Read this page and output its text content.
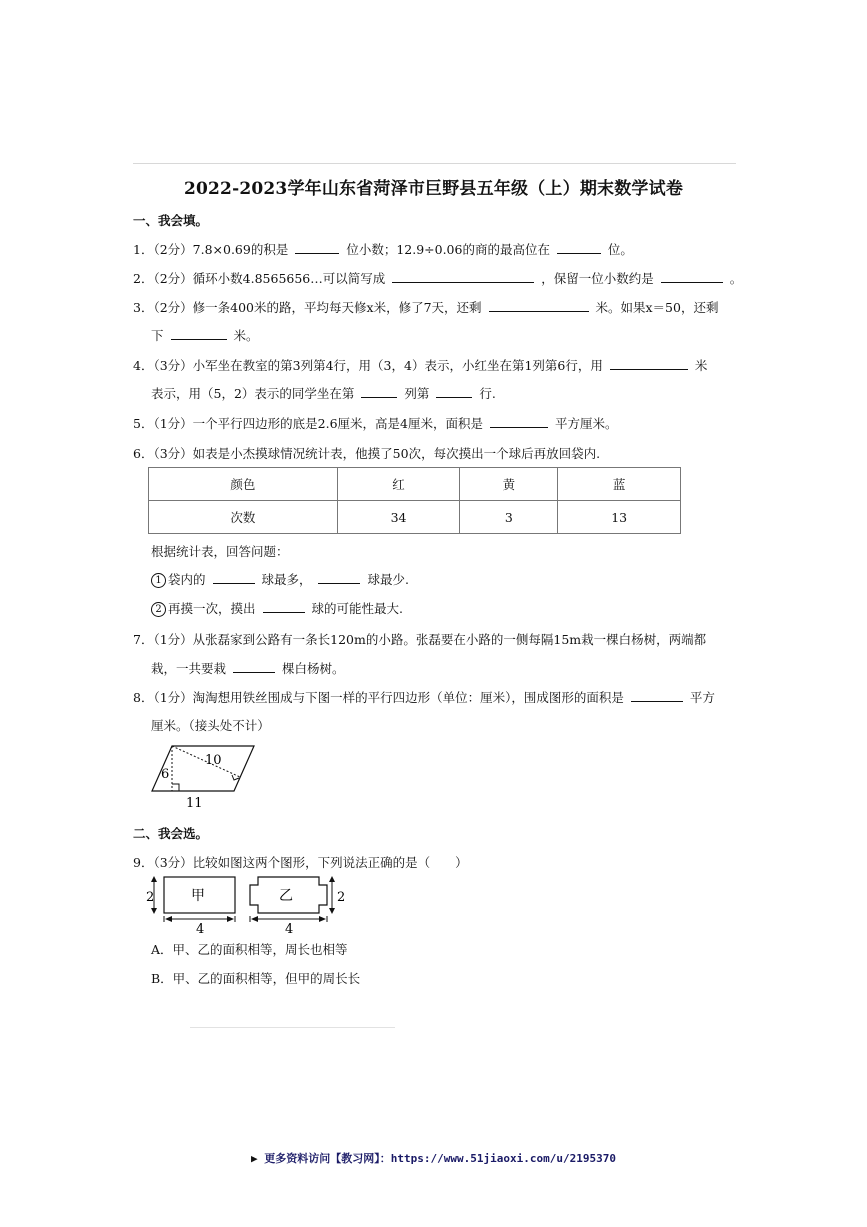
2022-2023学年山东省菏泽市巨野县五年级（上）期末数学试卷
一、我会填。
1．（2分）7.8×0.69的积是	位小数；12.9÷0.06的商的最高位在	位。
2．（2分）循环小数4.8565656…可以简写成	，保留一位小数约是	。
3．（2分）修一条400米的路，平均每天修x米，修了7天，还剩	米。如果x＝50，还剩
下	米。
4．（3分）小军坐在教室的第3列第4行，用（3，4）表示，小红坐在第1列第6行，用	米
表示，用（5，2）表示的同学坐在第	列第	行.
5．（1分）一个平行四边形的底是2.6厘米，高是4厘米，面积是	平方厘米。
6．（3分）如表是小杰摸球情况统计表，他摸了50次，每次摸出一个球后再放回袋内.
颜色	红	黄	蓝
次数	34	3	13
根据统计表，回答问题：
1 袋内的	球最多，	球最少.
2 再摸一次，摸出	球的可能性最大.
7．（1分）从张磊家到公路有一条长120m的小路。张磊要在小路的一侧每隔15m栽一棵白杨树，两端都
栽，一共要栽	棵白杨树。
8．（1分）淘淘想用铁丝围成与下图一样的平行四边形（单位：厘米），围成图形的面积是	平方
厘米。（接头处不计）
10
6
11
二、我会选。
9．（3分）比较如图这两个图形，下列说法正确的是（　　）
2	甲
4
乙	2
4
A．甲、乙的面积相等，周长也相等
B．甲、乙的面积相等，但甲的周长长
▶ 更多资料访问【教习网】：https://www.51jiaoxi.com/u/2195370
